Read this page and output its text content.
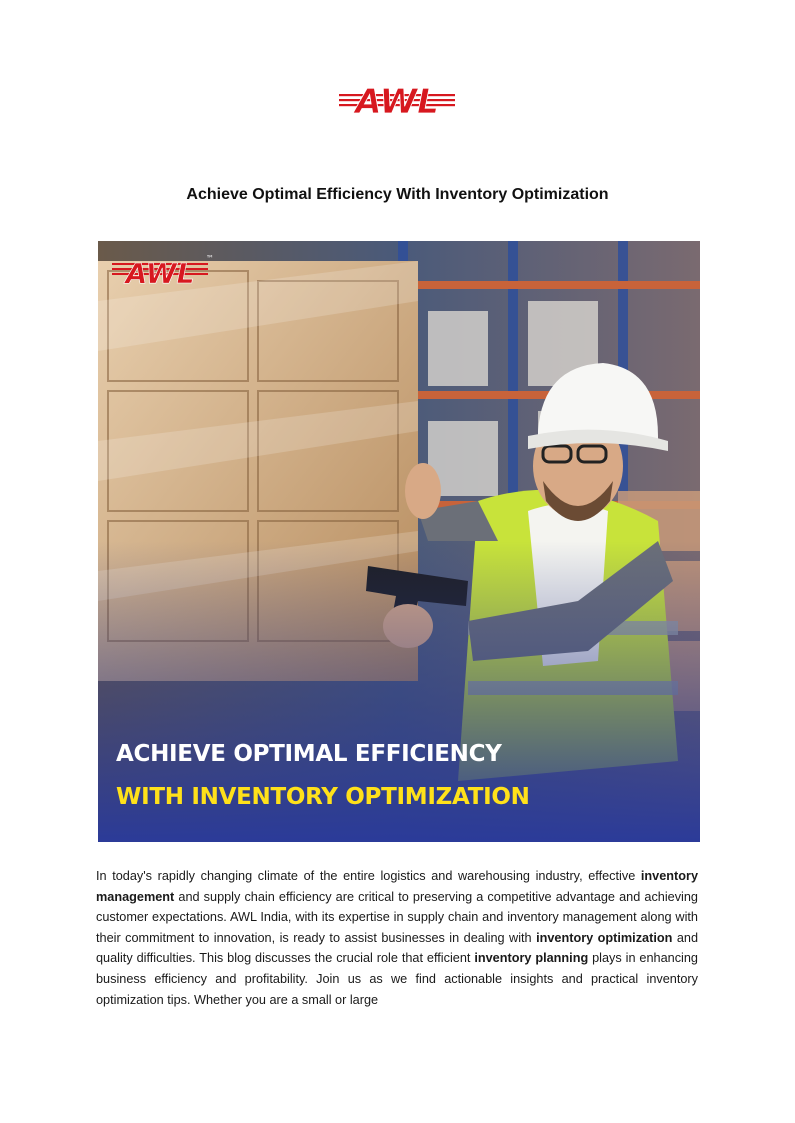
AWL
Achieve Optimal Efficiency With Inventory Optimization
AWL ™
ACHIEVE OPTIMAL EFFICIENCY
WITH INVENTORY OPTIMIZATION
In today's rapidly changing climate of the entire logistics and warehousing industry, effective inventory management and supply chain efficiency are critical to preserving a competitive advantage and achieving customer expectations. AWL India, with its expertise in supply chain and inventory management along with their commitment to innovation, is ready to assist businesses in dealing with inventory optimization and quality difficulties. This blog discusses the crucial role that efficient inventory planning plays in enhancing business efficiency and profitability. Join us as we find actionable insights and practical inventory optimization tips. Whether you are a small or large
